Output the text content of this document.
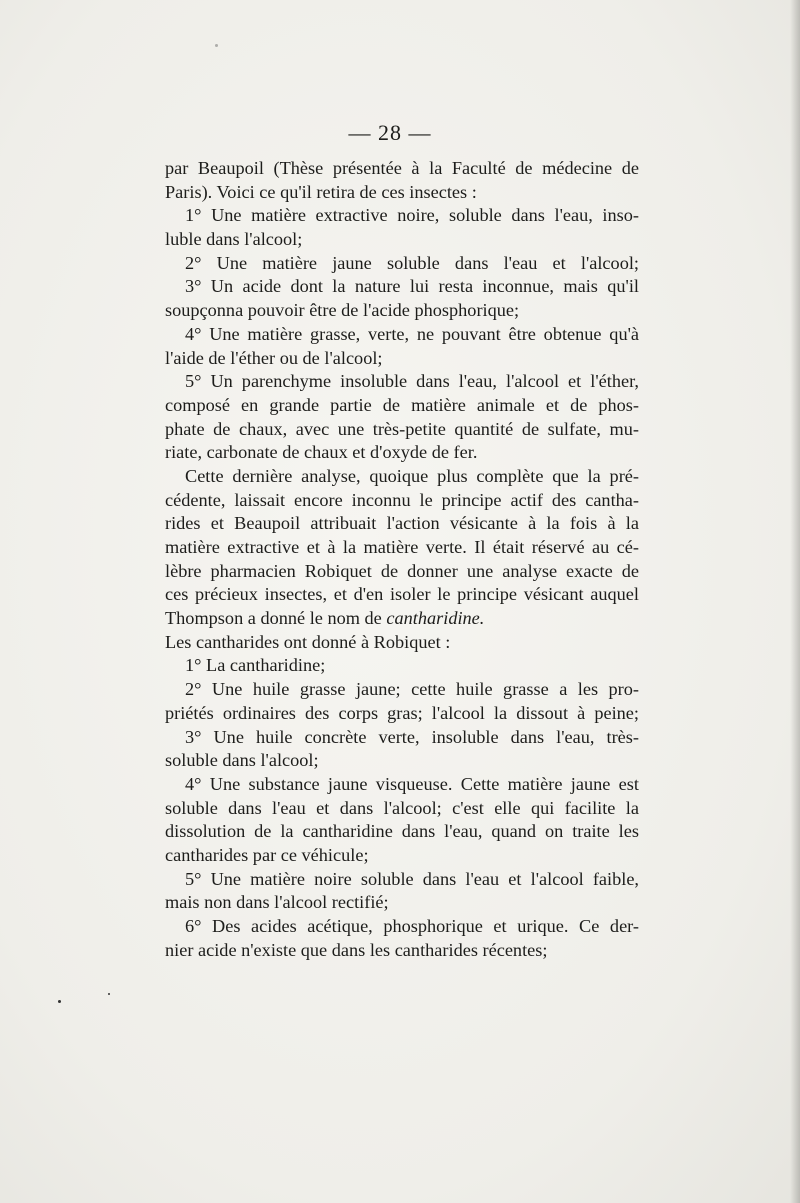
— 28 —
par Beaupoil (Thèse présentée à la Faculté de médecine de
Paris). Voici ce qu'il retira de ces insectes :
1° Une matière extractive noire, soluble dans l'eau, inso-
luble dans l'alcool;
2° Une matière jaune soluble dans l'eau et l'alcool;
3° Un acide dont la nature lui resta inconnue, mais qu'il
soupçonna pouvoir être de l'acide phosphorique;
4° Une matière grasse, verte, ne pouvant être obtenue qu'à
l'aide de l'éther ou de l'alcool;
5° Un parenchyme insoluble dans l'eau, l'alcool et l'éther,
composé en grande partie de matière animale et de phos-
phate de chaux, avec une très-petite quantité de sulfate, mu-
riate, carbonate de chaux et d'oxyde de fer.
Cette dernière analyse, quoique plus complète que la pré-
cédente, laissait encore inconnu le principe actif des cantha-
rides et Beaupoil attribuait l'action vésicante à la fois à la
matière extractive et à la matière verte. Il était réservé au cé-
lèbre pharmacien Robiquet de donner une analyse exacte de
ces précieux insectes, et d'en isoler le principe vésicant auquel
Thompson a donné le nom de cantharidine.
Les cantharides ont donné à Robiquet :
1° La cantharidine;
2° Une huile grasse jaune; cette huile grasse a les pro-
priétés ordinaires des corps gras; l'alcool la dissout à peine;
3° Une huile concrète verte, insoluble dans l'eau, très-
soluble dans l'alcool;
4° Une substance jaune visqueuse. Cette matière jaune est
soluble dans l'eau et dans l'alcool; c'est elle qui facilite la
dissolution de la cantharidine dans l'eau, quand on traite les
cantharides par ce véhicule;
5° Une matière noire soluble dans l'eau et l'alcool faible,
mais non dans l'alcool rectifié;
6° Des acides acétique, phosphorique et urique. Ce der-
nier acide n'existe que dans les cantharides récentes;
